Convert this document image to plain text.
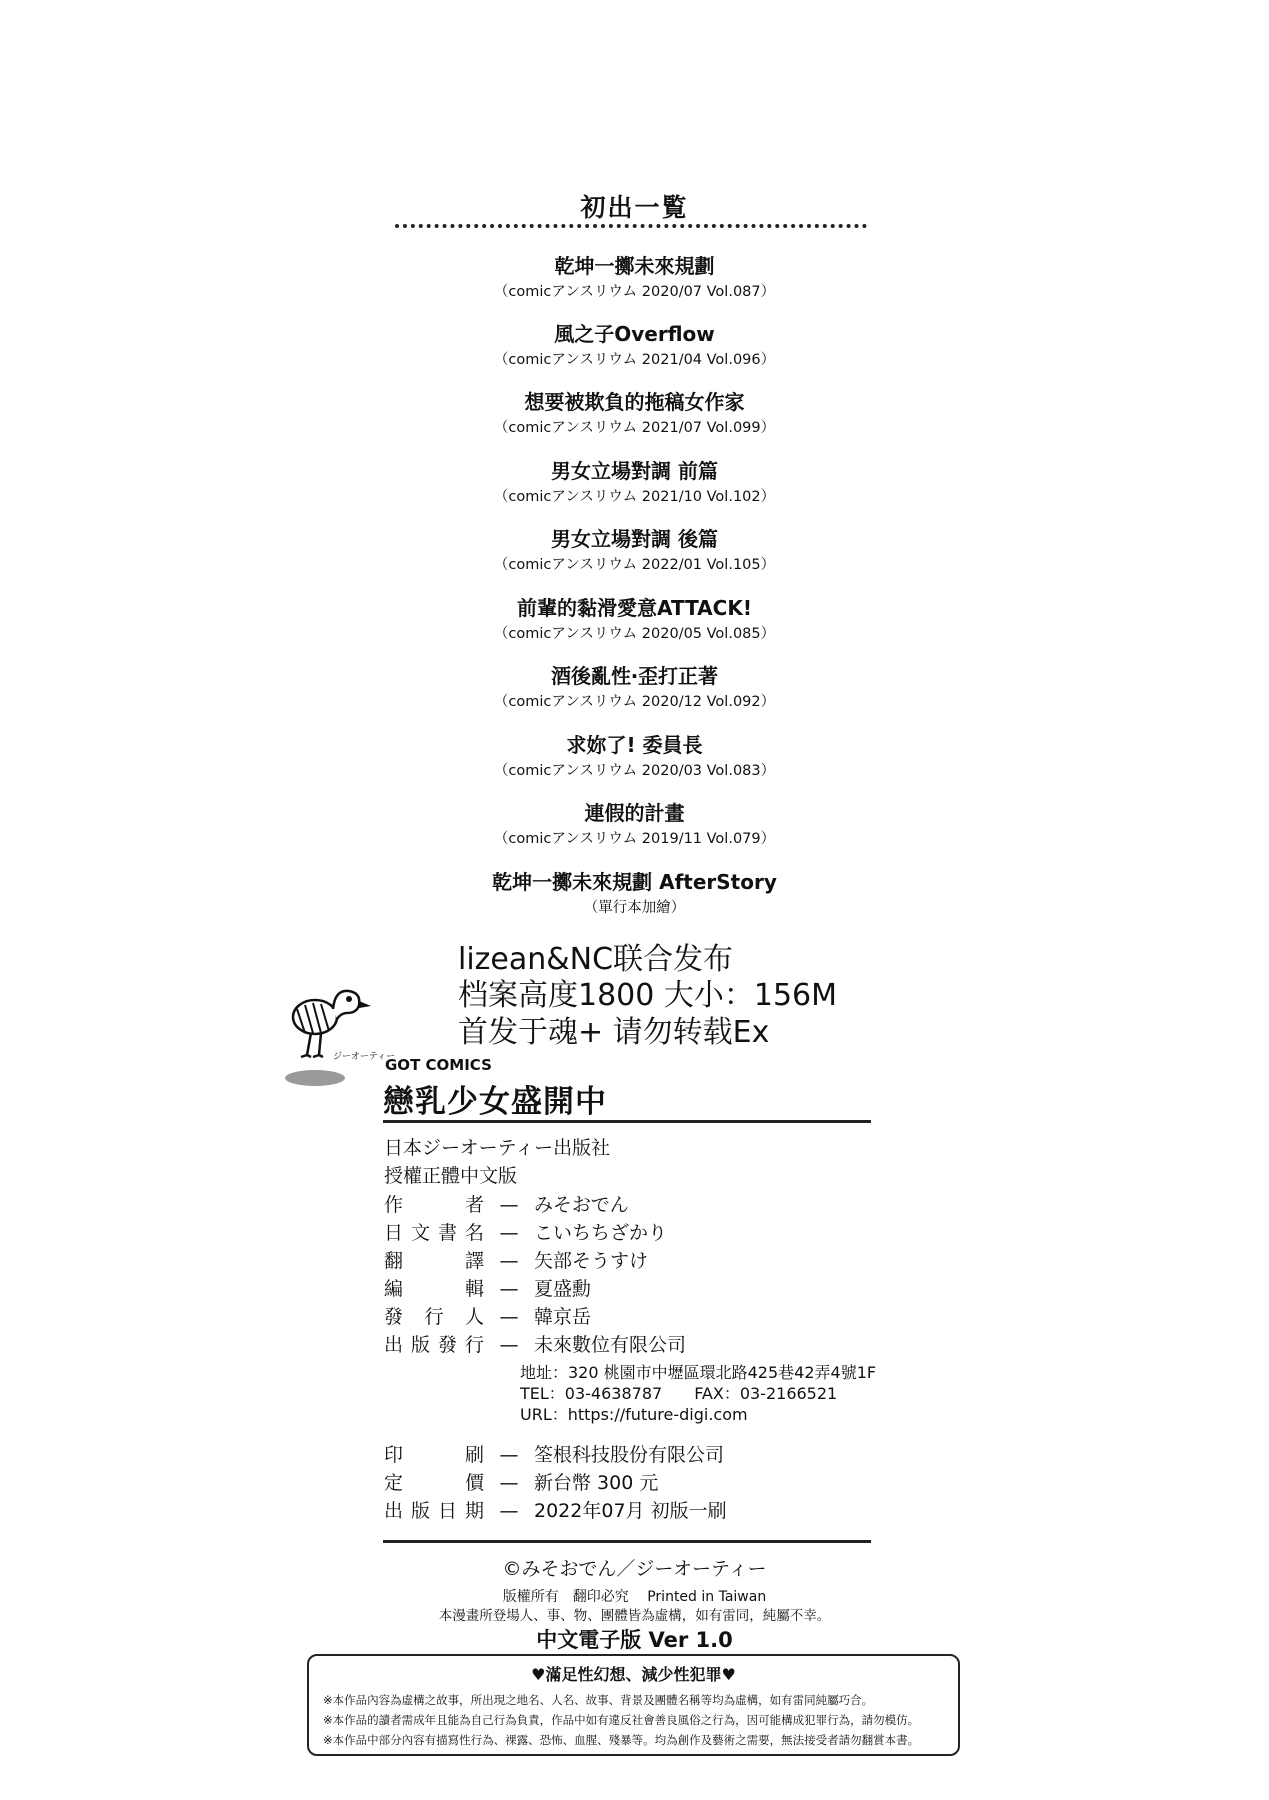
初出一覧
乾坤一擲未來規劃
（comicアンスリウム 2020/07 Vol.087）
風之子Overflow
（comicアンスリウム 2021/04 Vol.096）
想要被欺負的拖稿女作家
（comicアンスリウム 2021/07 Vol.099）
男女立場對調 前篇
（comicアンスリウム 2021/10 Vol.102）
男女立場對調 後篇
（comicアンスリウム 2022/01 Vol.105）
前輩的黏滑愛意ATTACK!
（comicアンスリウム 2020/05 Vol.085）
酒後亂性‧歪打正著
（comicアンスリウム 2020/12 Vol.092）
求妳了! 委員長
（comicアンスリウム 2020/03 Vol.083）
連假的計畫
（comicアンスリウム 2019/11 Vol.079）
乾坤一擲未來規劃 AfterStory
（單行本加繪）
lizean&NC联合发布
档案高度1800 大小：156M
首发于魂+ 请勿转载Ex
ジーオーティー
GOT COMICS
戀乳少女盛開中
日本ジーオーティー出版社
授權正體中文版
作者 — みそおでん
日文書名 — こいちちざかり
翻譯 — 矢部そうすけ
編輯 — 夏盛勳
發行人 — 韓京岳
出版發行 — 未來數位有限公司
地址：320 桃園市中壢區環北路425巷42弄4號1F
TEL：03-4638787　　FAX：03-2166521
URL：https://future-digi.com
印刷 — 筌根科技股份有限公司
定價 — 新台幣 300 元
出版日期 — 2022年07月 初版一刷
©みそおでん／ジーオーティー
版權所有　翻印必究　 Printed in Taiwan
本漫畫所登場人、事、物、團體皆為虛構，如有雷同，純屬不幸。
中文電子版 Ver 1.0
♥滿足性幻想、減少性犯罪♥
※本作品內容為虛構之故事，所出現之地名、人名、故事、背景及團體名稱等均為虛構，如有雷同純屬巧合。
※本作品的讀者需成年且能為自己行為負責，作品中如有違反社會善良風俗之行為，因可能構成犯罪行為，請勿模仿。
※本作品中部分內容有描寫性行為、裸露、恐怖、血腥、殘暴等。均為創作及藝術之需要，無法接受者請勿翻賞本書。
